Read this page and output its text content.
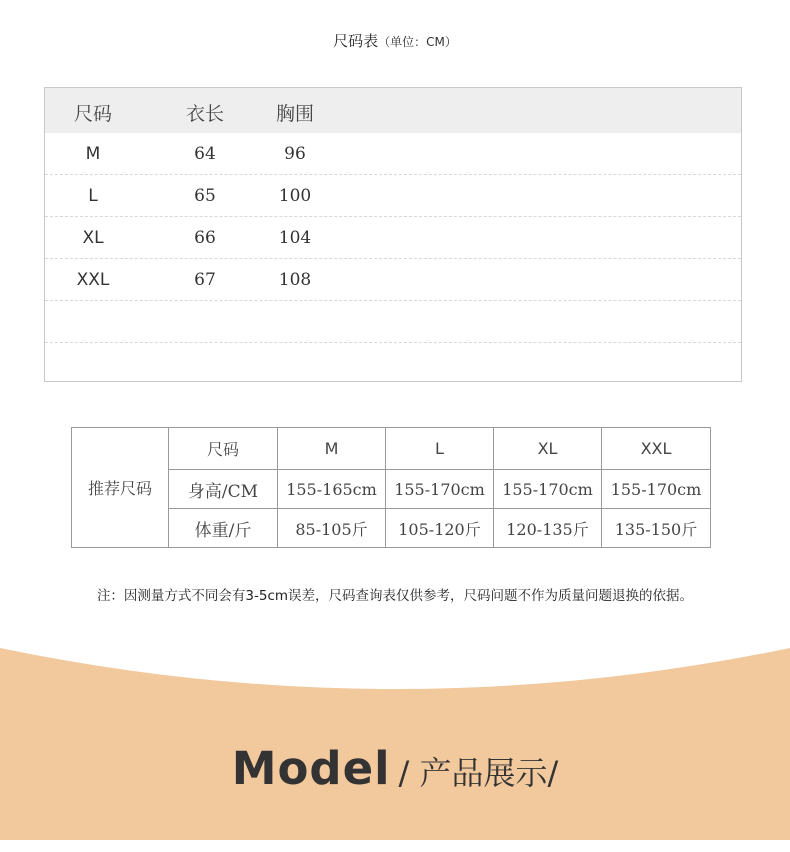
尺码表（单位：CM）
尺码	衣长	胸围
M	64	96
L	65	100
XL	66	104
XXL	67	108
推荐尺码	尺码	M	L	XL	XXL
	身高/CM	155-165cm	155-170cm	155-170cm	155-170cm
	体重/斤	85-105斤	105-120斤	120-135斤	135-150斤
注：因测量方式不同会有3-5cm误差，尺码查询表仅供参考，尺码问题不作为质量问题退换的依据。
Model / 产品展示/
